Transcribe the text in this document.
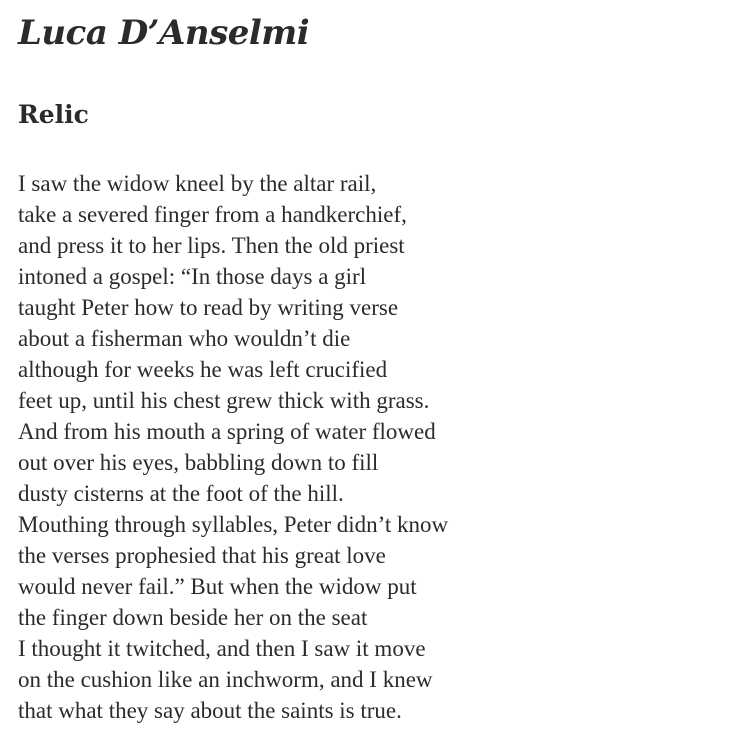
Luca D’Anselmi
Relic
I saw the widow kneel by the altar rail,
take a severed finger from a handkerchief,
and press it to her lips. Then the old priest
intoned a gospel: “In those days a girl
taught Peter how to read by writing verse
about a fisherman who wouldn’t die
although for weeks he was left crucified
feet up, until his chest grew thick with grass.
And from his mouth a spring of water flowed
out over his eyes, babbling down to fill
dusty cisterns at the foot of the hill.
Mouthing through syllables, Peter didn’t know
the verses prophesied that his great love
would never fail.” But when the widow put
the finger down beside her on the seat
I thought it twitched, and then I saw it move
on the cushion like an inchworm, and I knew
that what they say about the saints is true.
